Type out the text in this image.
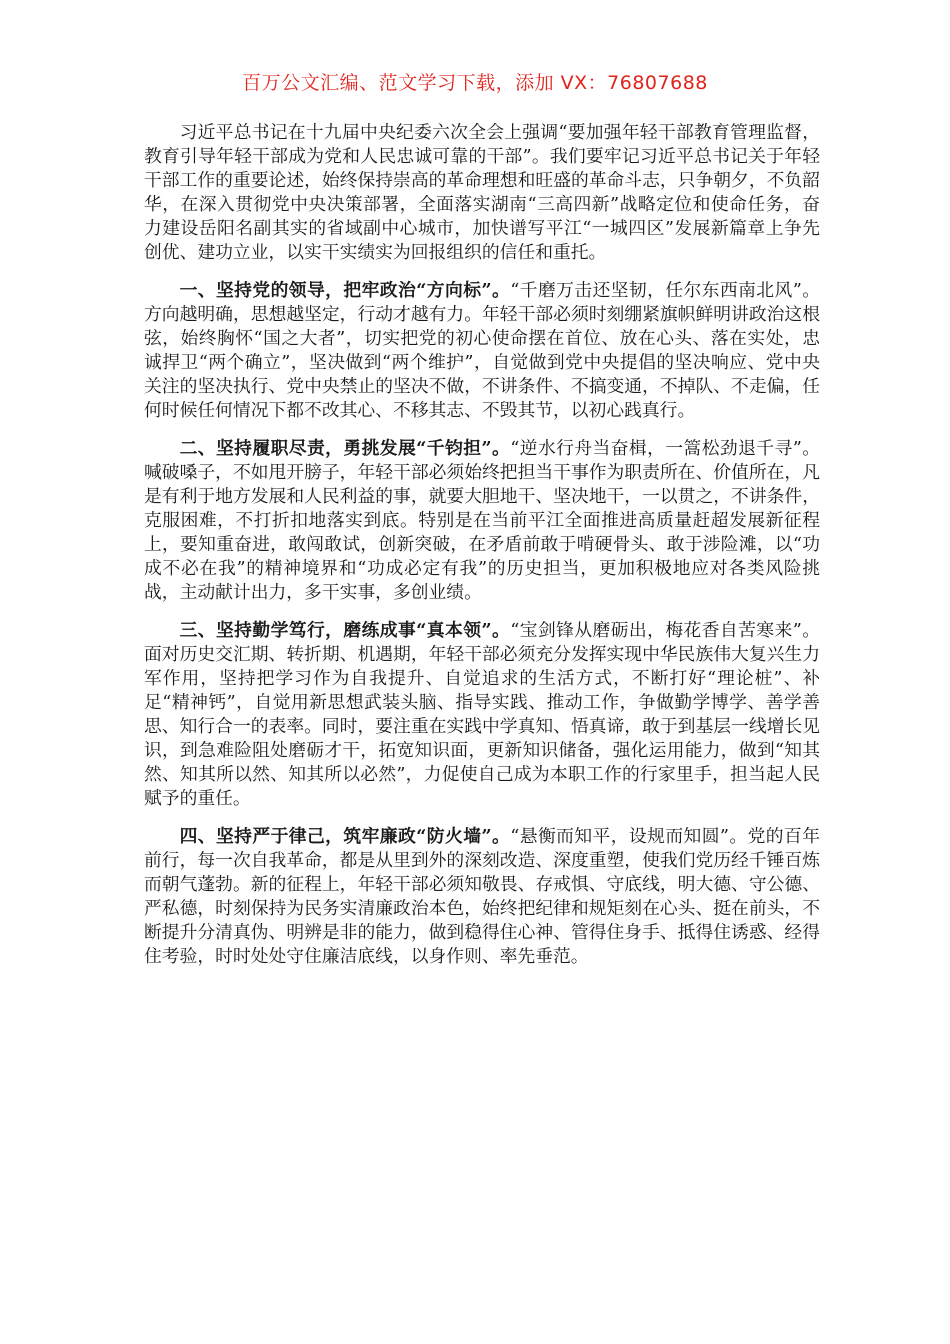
百万公文汇编、范文学习下载，添加 VX：76807688

习近平总书记在十九届中央纪委六次全会上强调“要加强年轻干部教育管理监督，教育引导年轻干部成为党和人民忠诚可靠的干部”。我们要牢记习近平总书记关于年轻干部工作的重要论述，始终保持崇高的革命理想和旺盛的革命斗志，只争朝夕，不负韶华，在深入贯彻党中央决策部署，全面落实湖南“三高四新”战略定位和使命任务，奋力建设岳阳名副其实的省域副中心城市，加快谱写平江“一城四区”发展新篇章上争先创优、建功立业，以实干实绩实为回报组织的信任和重托。

一、坚持党的领导，把牢政治“方向标”。“千磨万击还坚韧，任尔东西南北风”。方向越明确，思想越坚定，行动才越有力。年轻干部必须时刻绷紧旗帜鲜明讲政治这根弦，始终胸怀“国之大者”，切实把党的初心使命摆在首位、放在心头、落在实处，忠诚捍卫“两个确立”，坚决做到“两个维护”，自觉做到党中央提倡的坚决响应、党中央关注的坚决执行、党中央禁止的坚决不做，不讲条件、不搞变通，不掉队、不走偏，任何时候任何情况下都不改其心、不移其志、不毁其节，以初心践真行。

二、坚持履职尽责，勇挑发展“千钧担”。“逆水行舟当奋楫，一篙松劲退千寻”。喊破嗓子，不如甩开膀子，年轻干部必须始终把担当干事作为职责所在、价值所在，凡是有利于地方发展和人民利益的事，就要大胆地干、坚决地干，一以贯之，不讲条件，克服困难，不打折扣地落实到底。特别是在当前平江全面推进高质量赶超发展新征程上，要知重奋进，敢闯敢试，创新突破，在矛盾前敢于啃硬骨头、敢于涉险滩，以“功成不必在我”的精神境界和“功成必定有我”的历史担当，更加积极地应对各类风险挑战，主动献计出力，多干实事，多创业绩。

三、坚持勤学笃行，磨练成事“真本领”。“宝剑锋从磨砺出，梅花香自苦寒来”。面对历史交汇期、转折期、机遇期，年轻干部必须充分发挥实现中华民族伟大复兴生力军作用，坚持把学习作为自我提升、自觉追求的生活方式，不断打好“理论桩”、补足“精神钙”，自觉用新思想武装头脑、指导实践、推动工作，争做勤学博学、善学善思、知行合一的表率。同时，要注重在实践中学真知、悟真谛，敢于到基层一线增长见识，到急难险阻处磨砺才干，拓宽知识面，更新知识储备，强化运用能力，做到“知其然、知其所以然、知其所以必然”，力促使自己成为本职工作的行家里手，担当起人民赋予的重任。

四、坚持严于律己，筑牢廉政“防火墙”。“悬衡而知平，设规而知圆”。党的百年前行，每一次自我革命，都是从里到外的深刻改造、深度重塑，使我们党历经千锤百炼而朝气蓬勃。新的征程上，年轻干部必须知敬畏、存戒惧、守底线，明大德、守公德、严私德，时刻保持为民务实清廉政治本色，始终把纪律和规矩刻在心头、挺在前头，不断提升分清真伪、明辨是非的能力，做到稳得住心神、管得住身手、抵得住诱惑、经得住考验，时时处处守住廉洁底线，以身作则、率先垂范。
